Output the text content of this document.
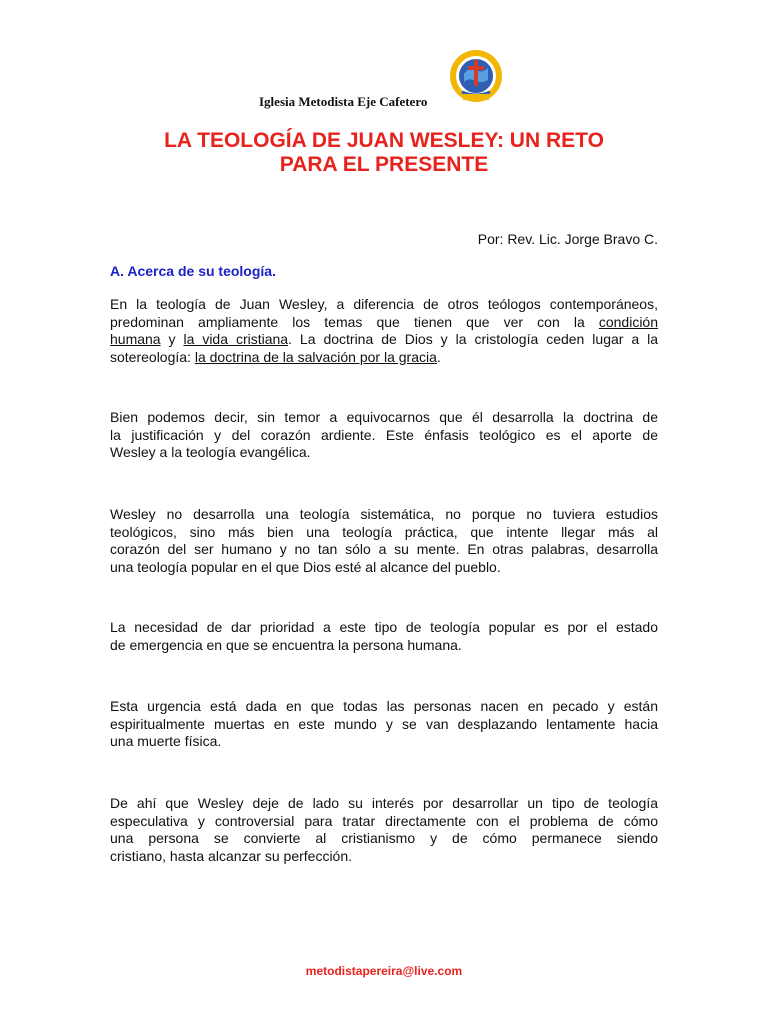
Iglesia Metodista Eje Cafetero
LA TEOLOGÍA DE JUAN WESLEY: UN RETO
PARA EL PRESENTE
Por: Rev. Lic. Jorge Bravo C.
A. Acerca de su teología.
En la teología de Juan Wesley, a diferencia de otros teólogos contemporáneos,
predominan ampliamente los temas que tienen que ver con la condición
humana y la vida cristiana. La doctrina de Dios y la cristología ceden lugar a la
sotereología: la doctrina de la salvación por la gracia.
Bien podemos decir, sin temor a equivocarnos que él desarrolla la doctrina de
la justificación y del corazón ardiente. Este énfasis teológico es el aporte de
Wesley a la teología evangélica.
Wesley no desarrolla una teología sistemática, no porque no tuviera estudios
teológicos, sino más bien una teología práctica, que intente llegar más al
corazón del ser humano y no tan sólo a su mente. En otras palabras, desarrolla
una teología popular en el que Dios esté al alcance del pueblo.
La necesidad de dar prioridad a este tipo de teología popular es por el estado
de emergencia en que se encuentra la persona humana.
Esta urgencia está dada en que todas las personas nacen en pecado y están
espiritualmente muertas en este mundo y se van desplazando lentamente hacia
una muerte física.
De ahí que Wesley deje de lado su interés por desarrollar un tipo de teología
especulativa y controversial para tratar directamente con el problema de cómo
una persona se convierte al cristianismo y de cómo permanece siendo
cristiano, hasta alcanzar su perfección.
metodistapereira@live.com
